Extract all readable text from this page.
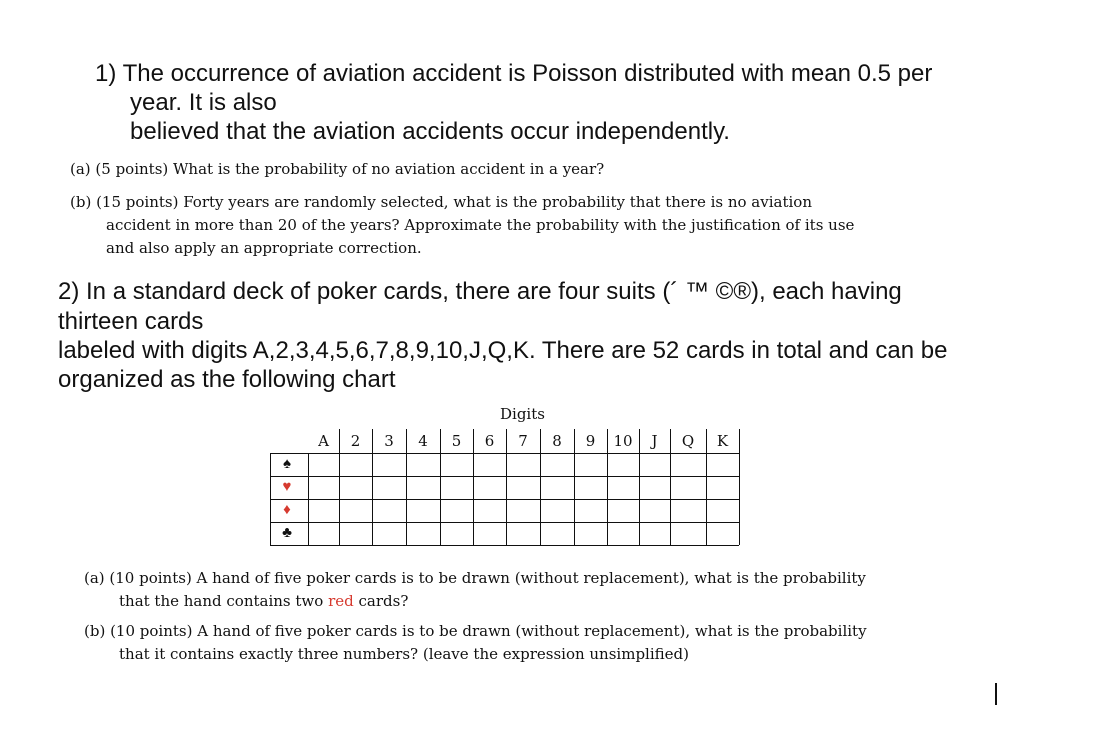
1) The occurrence of aviation accident is Poisson distributed with mean 0.5 per
year. It is also
believed that the aviation accidents occur independently.
(a) (5 points) What is the probability of no aviation accident in a year?
(b) (15 points) Forty years are randomly selected, what is the probability that there is no aviation
accident in more than 20 of the years? Approximate the probability with the justification of its use
and also apply an appropriate correction.
2) In a standard deck of poker cards, there are four suits (´ ™ ©®), each having
thirteen cards
labeled with digits A,2,3,4,5,6,7,8,9,10,J,Q,K. There are 52 cards in total and can be
organized as the following chart
Digits
A	2	3	4	5	6	7	8	9	10	J	Q	K
♠
♥
♦
♣
(a) (10 points) A hand of five poker cards is to be drawn (without replacement), what is the probability
that the hand contains two red cards?
(b) (10 points) A hand of five poker cards is to be drawn (without replacement), what is the probability
that it contains exactly three numbers? (leave the expression unsimplified)
